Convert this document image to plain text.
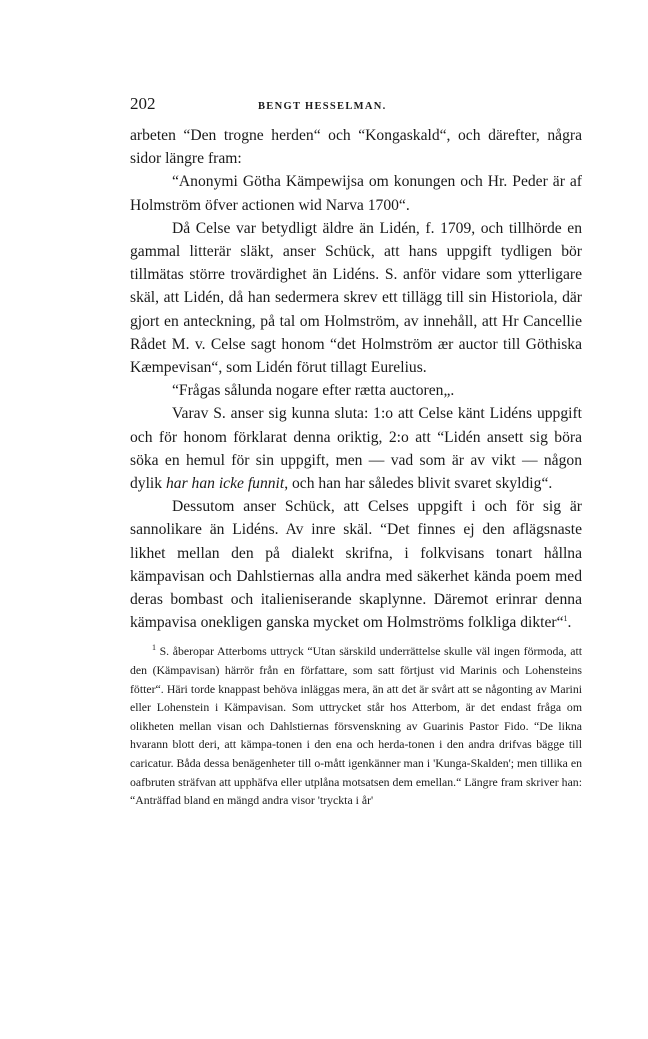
202	BENGT HESSELMAN.

arbeten “Den trogne herden“ och “Kongaskald“, och därefter, några sidor längre fram:

“Anonymi Götha Kämpewijsa om konungen och Hr. Peder är af Holmström öfver actionen wid Narva 1700“.

Då Celse var betydligt äldre än Lidén, f. 1709, och tillhörde en gammal litterär släkt, anser Schück, att hans uppgift tydligen bör tillmätas större trovärdighet än Lidéns. S. anför vidare som ytterligare skäl, att Lidén, då han sedermera skrev ett tillägg till sin Historiola, där gjort en anteckning, på tal om Holmström, av innehåll, att Hr Cancellie Rådet M. v. Celse sagt honom “det Holmström ær auctor till Göthiska Kæmpevisan“, som Lidén förut tillagt Eurelius.

“Frågas sålunda nogare efter rætta auctoren„.

Varav S. anser sig kunna sluta: 1:o att Celse känt Lidéns uppgift och för honom förklarat denna oriktig, 2:o att “Lidén ansett sig böra söka en hemul för sin uppgift, men — vad som är av vikt — någon dylik har han icke funnit, och han har således blivit svaret skyldig“.

Dessutom anser Schück, att Celses uppgift i och för sig är sannolikare än Lidéns. Av inre skäl. “Det finnes ej den aflägsnaste likhet mellan den på dialekt skrifna, i folkvisans tonart hållna kämpavisan och Dahlstiernas alla andra med säkerhet kända poem med deras bombast och italieniserande skaplynne. Däremot erinrar denna kämpavisa onekligen ganska mycket om Holmströms folkliga dikter“$^1$.

$^1$ S. åberopar Atterboms uttryck “Utan särskild underrättelse skulle väl ingen förmoda, att den (Kämpavisan) härrör från en författare, som satt förtjust vid Marinis och Lohensteins fötter“. Häri torde knappast behöva inläggas mera, än att det är svårt att se någonting av Marini eller Lohenstein i Kämpavisan. Som uttrycket står hos Atterbom, är det endast fråga om olikheten mellan visan och Dahlstiernas försvenskning av Guarinis Pastor Fido. “De likna hvarann blott deri, att kämpa-tonen i den ena och herda-tonen i den andra drifvas bägge till caricatur. Båda dessa benägenheter till o-mått igenkänner man i 'Kunga-Skalden'; men tillika en oafbruten sträfvan att upphäfva eller utplåna motsatsen dem emellan.“ Längre fram skriver han: “Anträffad bland en mängd andra visor 'tryckta i år'
